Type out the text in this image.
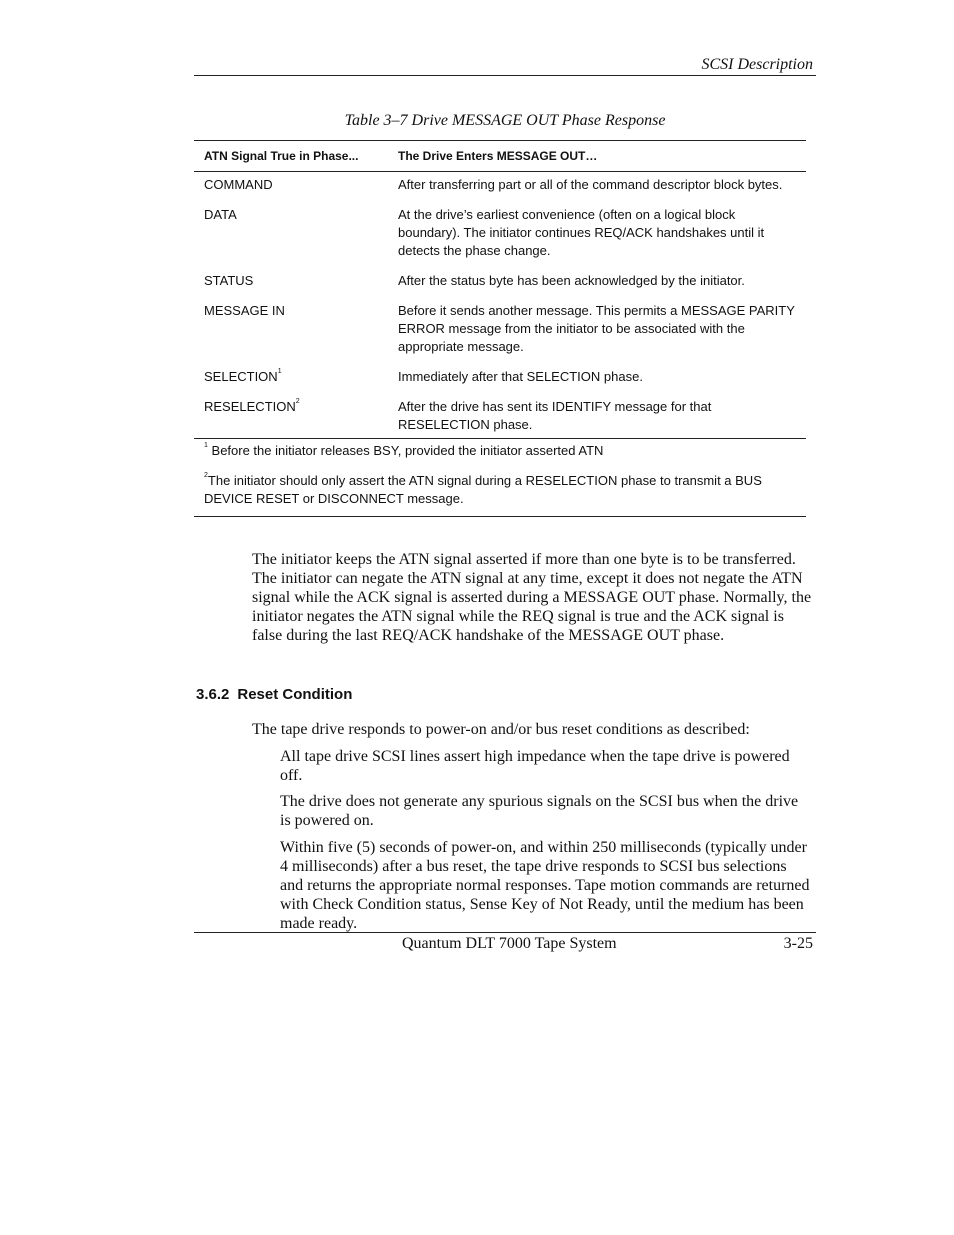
SCSI Description
Table 3–7 Drive MESSAGE OUT Phase Response
ATN Signal True in Phase...	The Drive Enters MESSAGE OUT…
COMMAND	After transferring part or all of the command descriptor block bytes.
DATA	At the drive’s earliest convenience (often on a logical block boundary). The initiator continues REQ/ACK handshakes until it detects the phase change.
STATUS	After the status byte has been acknowledged by the initiator.
MESSAGE IN	Before it sends another message. This permits a MESSAGE PARITY ERROR message from the initiator to be associated with the appropriate message.
SELECTION$^1$	Immediately after that SELECTION phase.
RESELECTION$^2$	After the drive has sent its IDENTIFY message for that RESELECTION phase.
$^1$ Before the initiator releases BSY, provided the initiator asserted ATN
$^2$The initiator should only assert the ATN signal during a RESELECTION phase to transmit a BUS DEVICE RESET or DISCONNECT message.
The initiator keeps the ATN signal asserted if more than one byte is to be transferred. The initiator can negate the ATN signal at any time, except it does not negate the ATN signal while the ACK signal is asserted during a MESSAGE OUT phase. Normally, the initiator negates the ATN signal while the REQ signal is true and the ACK signal is false during the last REQ/ACK handshake of the MESSAGE OUT phase.
3.6.2 Reset Condition
The tape drive responds to power-on and/or bus reset conditions as described:
All tape drive SCSI lines assert high impedance when the tape drive is powered off.
The drive does not generate any spurious signals on the SCSI bus when the drive is powered on.
Within five (5) seconds of power-on, and within 250 milliseconds (typically under 4 milliseconds) after a bus reset, the tape drive responds to SCSI bus selections and returns the appropriate normal responses. Tape motion commands are returned with Check Condition status, Sense Key of Not Ready, until the medium has been made ready.
Quantum DLT 7000 Tape System	3-25
